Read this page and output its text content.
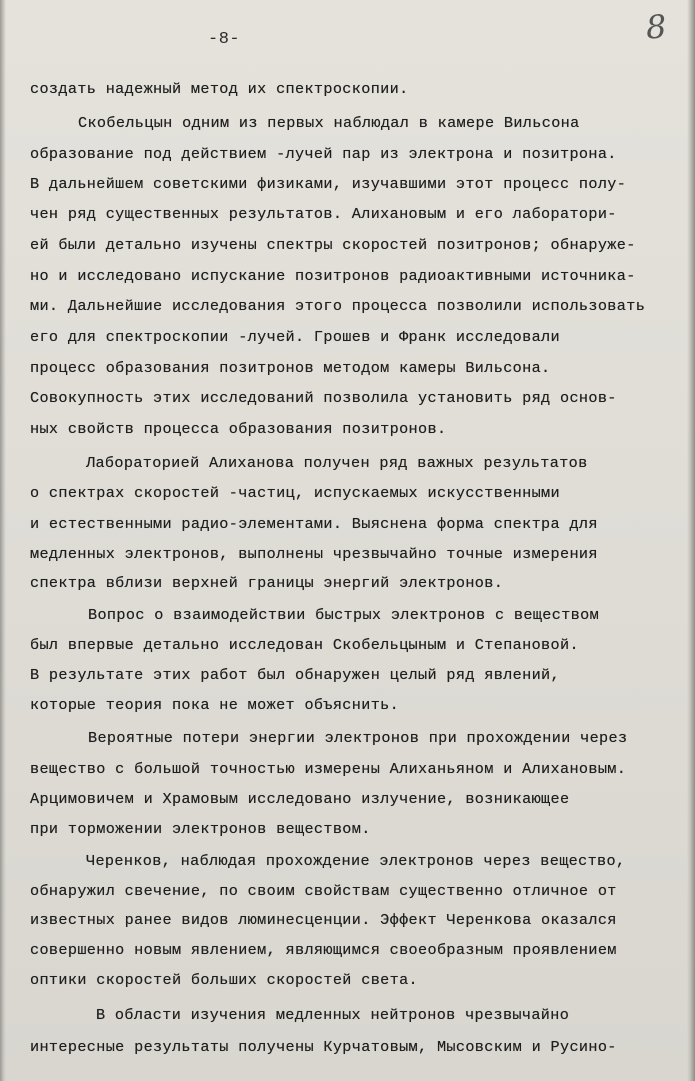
-8-	8
создать надежный метод их спектроскопии.
Скобельцын одним из первых наблюдал в камере Вильсона
образование под действием -лучей пар из электрона и позитрона.
В дальнейшем советскими физиками, изучавшими этот процесс полу-
чен ряд существенных результатов. Алихановым и его лаборатори-
ей были детально изучены спектры скоростей позитронов; обнаруже-
но и исследовано испускание позитронов радиоактивными источника-
ми. Дальнейшие исследования этого процесса позволили использовать
его для спектроскопии -лучей. Грошев и Франк исследовали
процесс образования позитронов методом камеры Вильсона.
Совокупность этих исследований позволила установить ряд основ-
ных свойств процесса образования позитронов.
Лабораторией Алиханова получен ряд важных результатов
о спектрах скоростей -частиц, испускаемых искусственными
и естественными радио-элементами. Выяснена форма спектра для
медленных электронов, выполнены чрезвычайно точные измерения
спектра вблизи верхней границы энергий электронов.
Вопрос о взаимодействии быстрых электронов с веществом
был впервые детально исследован Скобельцыным и Степановой.
В результате этих работ был обнаружен целый ряд явлений,
которые теория пока не может объяснить.
Вероятные потери энергии электронов при прохождении через
вещество с большой точностью измерены Алиханьяном и Алихановым.
Арцимовичем и Храмовым исследовано излучение, возникающее
при торможении электронов веществом.
Черенков, наблюдая прохождение электронов через вещество,
обнаружил свечение, по своим свойствам существенно отличное от
известных ранее видов люминесценции. Эффект Черенкова оказался
совершенно новым явлением, являющимся своеобразным проявлением
оптики скоростей больших скоростей света.
В области изучения медленных нейтронов чрезвычайно
интересные результаты получены Курчатовым, Мысовским и Русино-
